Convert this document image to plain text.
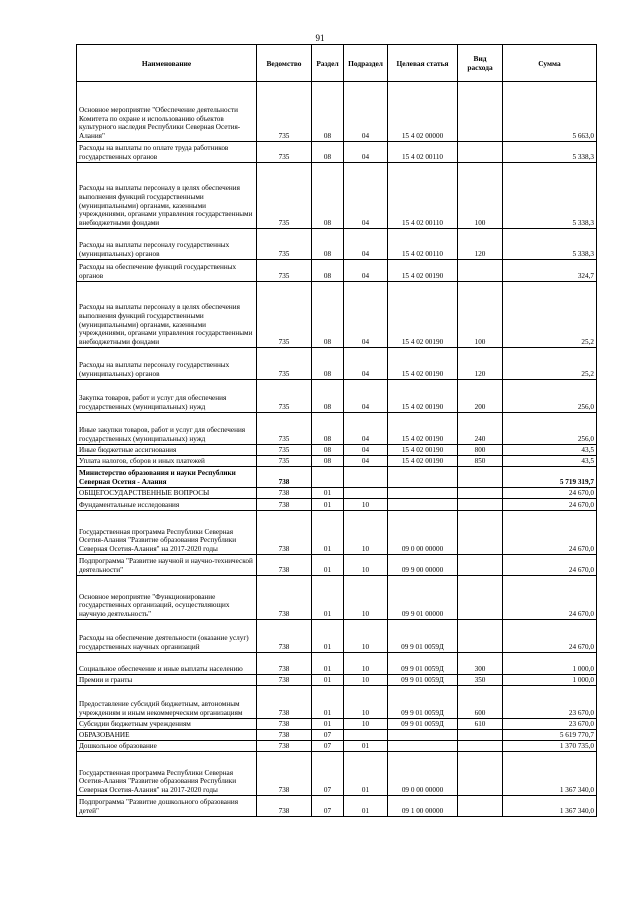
91
Наименование	Ведомство	Раздел	Подраздел	Целевая статья	Вид расхода	Сумма
Основное мероприятие "Обеспечение деятельности Комитета по охране и использованию объектов культурного наследия Республики Северная Осетия-Алания"	735	08	04	15 4 02 00000		5 663,0
Расходы на выплаты по оплате труда работников государственных органов	735	08	04	15 4 02 00110		5 338,3
Расходы на выплаты персоналу в целях обеспечения выполнения функций государственными (муниципальными) органами, казенными учреждениями, органами управления государственными внебюджетными фондами	735	08	04	15 4 02 00110	100	5 338,3
Расходы на выплаты персоналу государственных (муниципальных) органов	735	08	04	15 4 02 00110	120	5 338,3
Расходы на обеспечение функций государственных органов	735	08	04	15 4 02 00190		324,7
Расходы на выплаты персоналу в целях обеспечения выполнения функций государственными (муниципальными) органами, казенными учреждениями, органами управления государственными внебюджетными фондами	735	08	04	15 4 02 00190	100	25,2
Расходы на выплаты персоналу государственных (муниципальных) органов	735	08	04	15 4 02 00190	120	25,2
Закупка товаров, работ и услуг для обеспечения государственных (муниципальных) нужд	735	08	04	15 4 02 00190	200	256,0
Иные закупки товаров, работ и услуг для обеспечения государственных (муниципальных) нужд	735	08	04	15 4 02 00190	240	256,0
Иные бюджетные ассигнования	735	08	04	15 4 02 00190	800	43,5
Уплата налогов, сборов и иных платежей	735	08	04	15 4 02 00190	850	43,5
Министерство образования и науки Республики Северная Осетия - Алания	738					5 719 319,7
ОБЩЕГОСУДАРСТВЕННЫЕ ВОПРОСЫ	738	01				24 670,0
Фундаментальные исследования	738	01	10			24 670,0
Государственная программа Республики Северная Осетия-Алания "Развитие образования Республики Северная Осетия-Алания" на 2017-2020 годы	738	01	10	09 0 00 00000		24 670,0
Подпрограмма "Развитие научной и научно-технической деятельности"	738	01	10	09 9 00 00000		24 670,0
Основное мероприятие "Функционирование государственных организаций, осуществляющих научную деятельность"	738	01	10	09 9 01 00000		24 670,0
Расходы на обеспечение деятельности (оказание услуг) государственных научных организаций	738	01	10	09 9 01 0059Д		24 670,0
Социальное обеспечение и иные выплаты населению	738	01	10	09 9 01 0059Д	300	1 000,0
Премии и гранты	738	01	10	09 9 01 0059Д	350	1 000,0
Предоставление субсидий бюджетным, автономным учреждениям и иным некоммерческим организациям	738	01	10	09 9 01 0059Д	600	23 670,0
Субсидии бюджетным учреждениям	738	01	10	09 9 01 0059Д	610	23 670,0
ОБРАЗОВАНИЕ	738	07				5 619 770,7
Дошкольное образование	738	07	01			1 370 735,0
Государственная программа Республики Северная Осетия-Алания "Развитие образования Республики Северная Осетия-Алания" на 2017-2020 годы	738	07	01	09 0 00 00000		1 367 340,0
Подпрограмма "Развитие дошкольного образования детей"	738	07	01	09 1 00 00000		1 367 340,0
